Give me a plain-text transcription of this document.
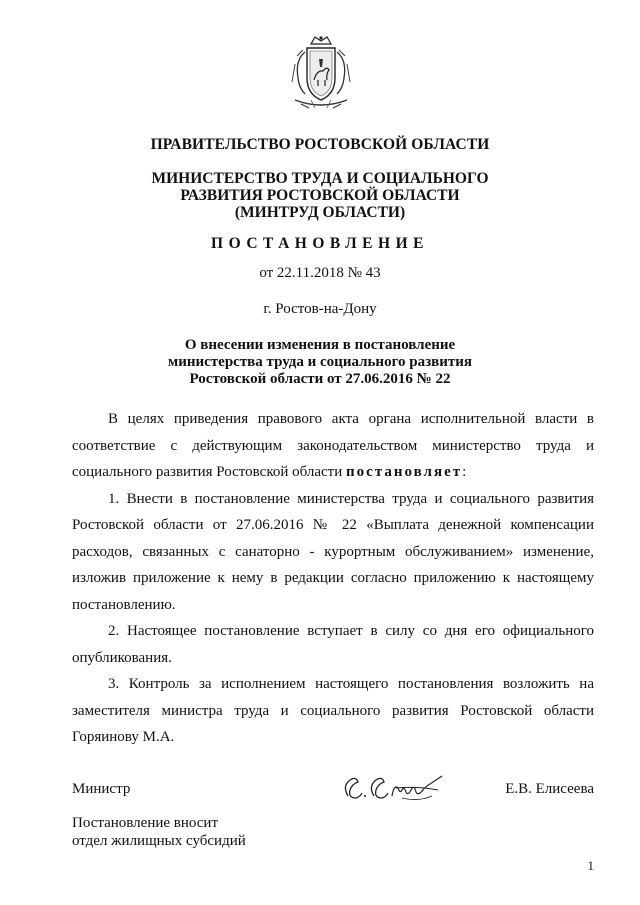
ПРАВИТЕЛЬСТВО РОСТОВСКОЙ ОБЛАСТИ
МИНИСТЕРСТВО ТРУДА И СОЦИАЛЬНОГО
РАЗВИТИЯ РОСТОВСКОЙ ОБЛАСТИ
(МИНТРУД ОБЛАСТИ)
ПОСТАНОВЛЕНИЕ
от 22.11.2018 № 43
г. Ростов-на-Дону
О внесении изменения в постановление
министерства труда и социального развития
Ростовской области от 27.06.2016 № 22

В целях приведения правового акта органа исполнительной власти в соответствие с действующим законодательством министерство труда и социального развития Ростовской области постановляет:

1. Внести в постановление министерства труда и социального развития Ростовской области от 27.06.2016 № 22 «Выплата денежной компенсации расходов, связанных с санаторно - курортным обслуживанием» изменение, изложив приложение к нему в редакции согласно приложению к настоящему постановлению.

2. Настоящее постановление вступает в силу со дня его официального опубликования.

3. Контроль за исполнением настоящего постановления возложить на заместителя министра труда и социального развития Ростовской области Горяинову М.А.

Министр	Е.В. Елисеева
Постановление вносит
отдел жилищных субсидий
1
